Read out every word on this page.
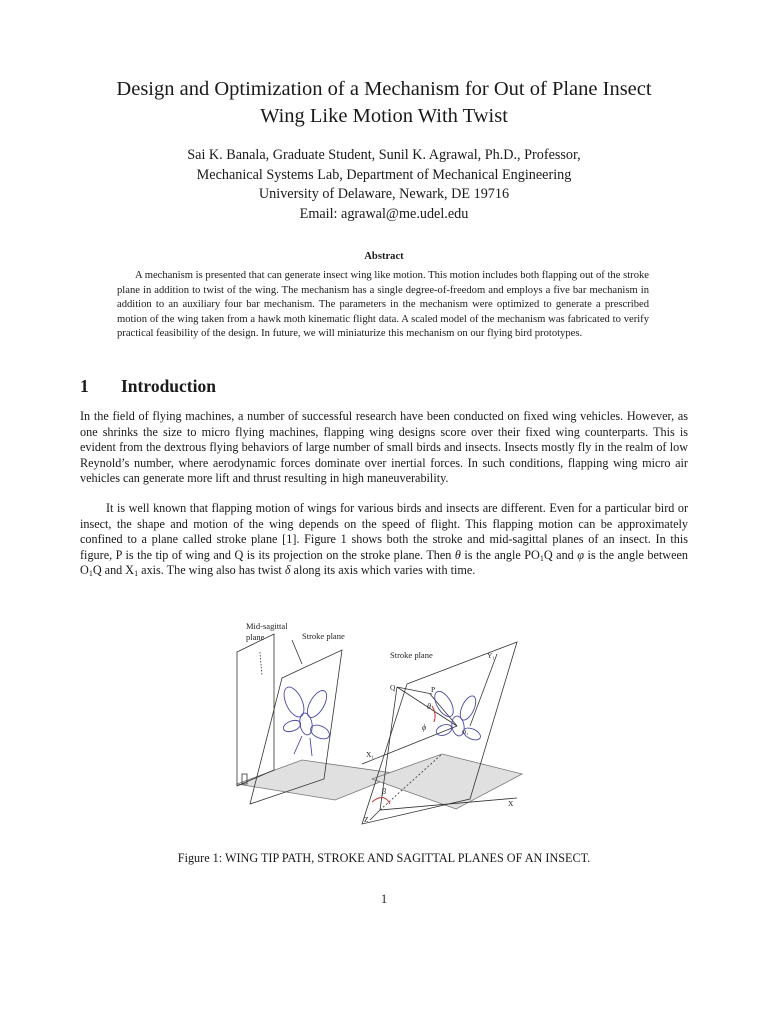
Design and Optimization of a Mechanism for Out of Plane Insect
Wing Like Motion With Twist
Sai K. Banala, Graduate Student, Sunil K. Agrawal, Ph.D., Professor,
Mechanical Systems Lab, Department of Mechanical Engineering
University of Delaware, Newark, DE 19716
Email: agrawal@me.udel.edu
Abstract
A mechanism is presented that can generate insect wing like motion. This motion includes both flapping out of the stroke plane in addition to twist of the wing. The mechanism has a single degree-of-freedom and employs a five bar mechanism in addition to an auxiliary four bar mechanism. The parameters in the mechanism were optimized to generate a prescribed motion of the wing taken from a hawk moth kinematic flight data. A scaled model of the mechanism was fabricated to verify practical feasibility of the design. In future, we will miniaturize this mechanism on our flying bird prototypes.
1 Introduction
In the field of flying machines, a number of successful research have been conducted on fixed wing vehicles. However, as one shrinks the size to micro flying machines, flapping wing designs score over their fixed wing counterparts. This is evident from the dextrous flying behaviors of large number of small birds and insects. Insects mostly fly in the realm of low Reynold’s number, where aerodynamic forces dominate over inertial forces. In such conditions, flapping wing micro air vehicles can generate more lift and thrust resulting in high maneuverability.
It is well known that flapping motion of wings for various birds and insects are different. Even for a particular bird or insect, the shape and motion of the wing depends on the speed of flight. This flapping motion can be approximately confined to a plane called stroke plane [1]. Figure 1 shows both the stroke and mid-sagittal planes of an insect. In this figure, P is the tip of wing and Q is its projection on the stroke plane. Then θ is the angle $PO_1Q$ and φ is the angle between $O_1Q$ and $X_1$ axis. The wing also has twist δ along its axis which varies with time.
Mid-sagittal
plane	Stroke plane
Stroke plane	Y₁
Q	P
θ
ϕ
O₁
X₁
β
X
Z
Figure 1: WING TIP PATH, STROKE AND SAGITTAL PLANES OF AN INSECT.
1
